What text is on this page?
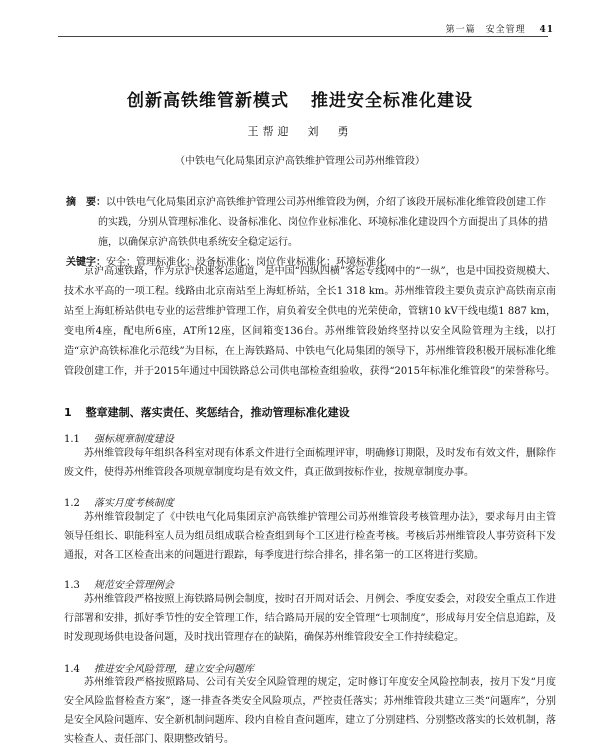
第一篇　安全管理 41
创新高铁维管新模式 推进安全标准化建设
王帮迎　刘　勇
（中铁电气化局集团京沪高铁维护管理公司苏州维管段）
摘　要：以中铁电气化局集团京沪高铁维护管理公司苏州维管段为例，介绍了该段开展标准化维管段创建工作的实践，分别从管理标准化、设备标准化、岗位作业标准化、环境标准化建设四个方面提出了具体的措施，以确保京沪高铁供电系统安全稳定运行。
关键字：安全；管理标准化；设备标准化；岗位作业标准化；环境标准化

京沪高速铁路，作为京沪快速客运通道，是中国“四纵四横”客运专线网中的“一纵”，也是中国投资规模大、技术水平高的一项工程。线路由北京南站至上海虹桥站，全长1 318 km。苏州维管段主要负责京沪高铁南京南站至上海虹桥站供电专业的运营维护管理工作，肩负着安全供电的光荣使命，管辖10 kV干线电缆1 887 km，变电所4座，配电所6座，AT所12座，区间箱变136台。苏州维管段始终坚持以安全风险管理为主线，以打造“京沪高铁标准化示范线”为目标，在上海铁路局、中铁电气化局集团的领导下，苏州维管段积极开展标准化维管段创建工作，并于2015年通过中国铁路总公司供电部检查组验收，获得“2015年标准化维管段”的荣誉称号。

1 整章建制、落实责任、奖惩结合，推动管理标准化建设
1.1 强标规章制度建设
苏州维管段每年组织各科室对现有体系文件进行全面梳理评审，明确修订期限，及时发布有效文件，删除作废文件，使得苏州维管段各项规章制度均是有效文件，真正做到按标作业，按规章制度办事。
1.2 落实月度考核制度
苏州维管段制定了《中铁电气化局集团京沪高铁维护管理公司苏州维管段考核管理办法》，要求每月由主管领导任组长、职能科室人员为组员组成联合检查组到每个工区进行检查考核。考核后苏州维管段人事劳资科下发通报，对各工区检查出来的问题进行跟踪，每季度进行综合排名，排名第一的工区将进行奖励。
1.3 规范安全管理例会
苏州维管段严格按照上海铁路局例会制度，按时召开周对话会、月例会、季度安委会，对段安全重点工作进行部署和安排，抓好季节性的安全管理工作，结合路局开展的安全管理“七项制度”，形成每月安全信息追踪，及时发现现场供电设备问题，及时找出管理存在的缺陷，确保苏州维管段安全工作持续稳定。
1.4 推进安全风险管理，建立安全问题库
苏州维管段严格按照路局、公司有关安全风险管理的规定，定时修订年度安全风险控制表，按月下发“月度安全风险监督检查方案”，逐一排查各类安全风险项点，严控责任落实；苏州维管段共建立三类“问题库”，分别是安全风险问题库、安全新机制问题库、段内自检自查问题库，建立了分别建档、分别整改落实的长效机制，落实检查人、责任部门、限期整改销号。
